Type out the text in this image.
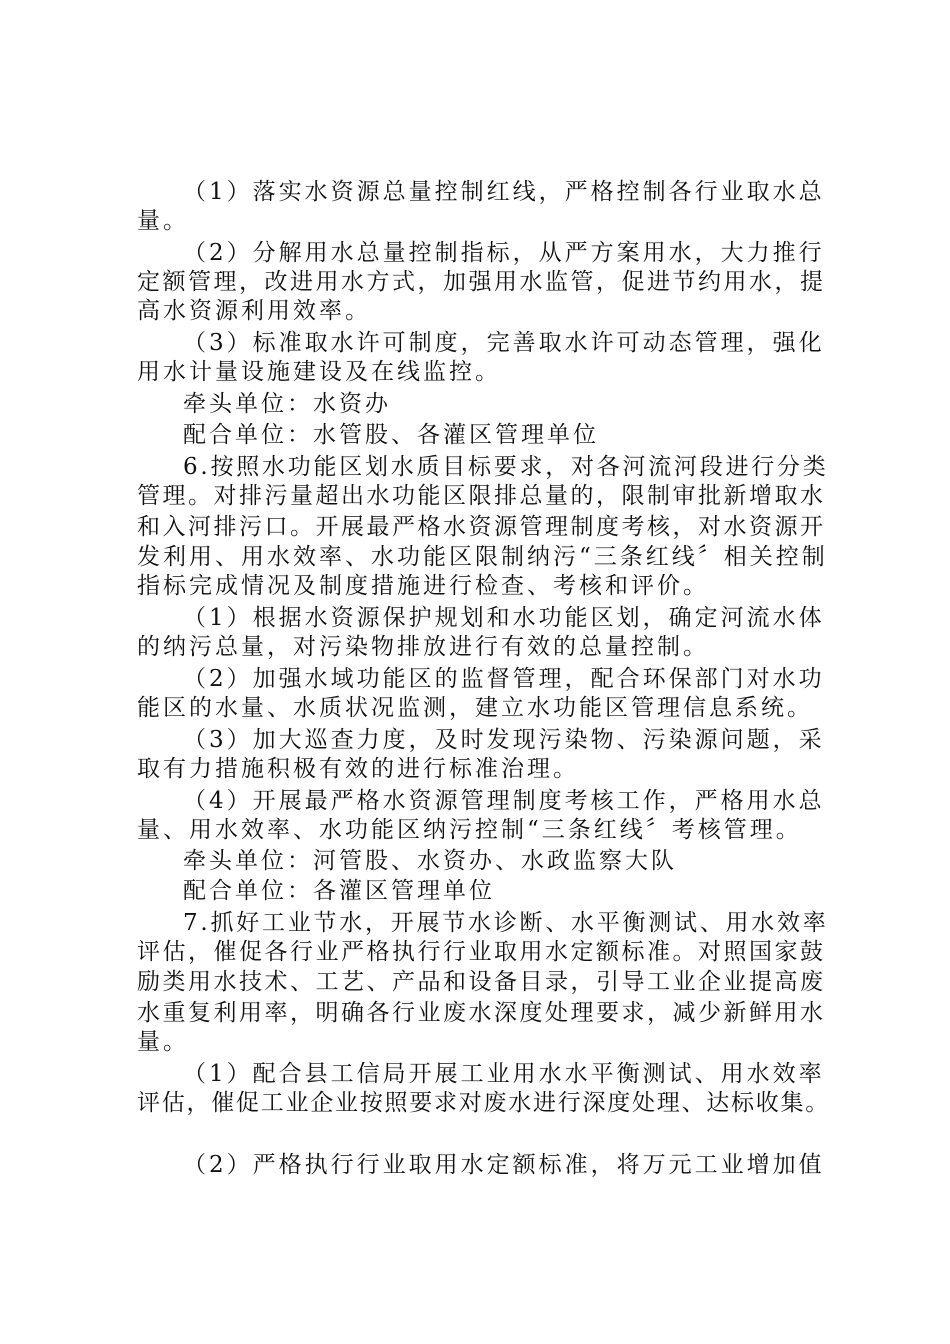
（1）落实水资源总量控制红线，严格控制各行业取水总
量。
（2）分解用水总量控制指标，从严方案用水，大力推行
定额管理，改进用水方式，加强用水监管，促进节约用水，提
高水资源利用效率。
（3）标准取水许可制度，完善取水许可动态管理，强化
用水计量设施建设及在线监控。
牵头单位：水资办
配合单位：水管股、各灌区管理单位
6.按照水功能区划水质目标要求，对各河流河段进行分类
管理。对排污量超出水功能区限排总量的，限制审批新增取水
和入河排污口。开展最严格水资源管理制度考核，对水资源开
发利用、用水效率、水功能区限制纳污“三条红线〞相关控制
指标完成情况及制度措施进行检查、考核和评价。
（1）根据水资源保护规划和水功能区划，确定河流水体
的纳污总量，对污染物排放进行有效的总量控制。
（2）加强水域功能区的监督管理，配合环保部门对水功
能区的水量、水质状况监测，建立水功能区管理信息系统。
（3）加大巡查力度，及时发现污染物、污染源问题，采
取有力措施积极有效的进行标准治理。
（4）开展最严格水资源管理制度考核工作，严格用水总
量、用水效率、水功能区纳污控制“三条红线〞考核管理。
牵头单位：河管股、水资办、水政监察大队
配合单位：各灌区管理单位
7.抓好工业节水，开展节水诊断、水平衡测试、用水效率
评估，催促各行业严格执行行业取用水定额标准。对照国家鼓
励类用水技术、工艺、产品和设备目录，引导工业企业提高废
水重复利用率，明确各行业废水深度处理要求，减少新鲜用水
量。
（1）配合县工信局开展工业用水水平衡测试、用水效率
评估，催促工业企业按照要求对废水进行深度处理、达标收集。
（2）严格执行行业取用水定额标准，将万元工业增加值
